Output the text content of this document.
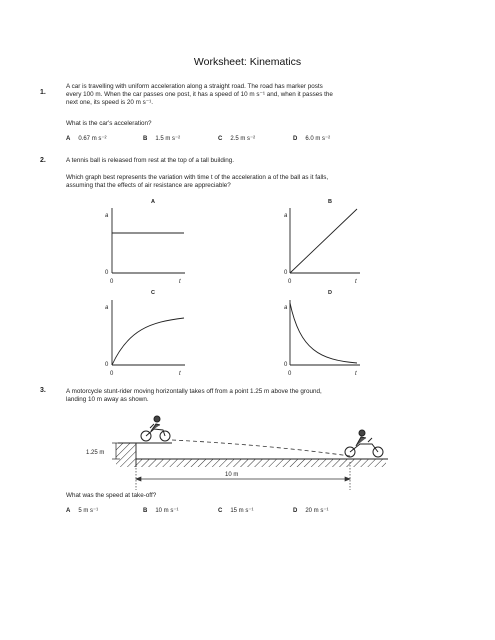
Worksheet: Kinematics
1.
A car is travelling with uniform acceleration along a straight road. The road has marker posts
every 100 m. When the car passes one post, it has a speed of 10 m s⁻¹ and, when it passes the
next one, its speed is 20 m s⁻¹.
What is the car's acceleration?
A 0.67 m s⁻²	B 1.5 m s⁻²	C 2.5 m s⁻²	D 6.0 m s⁻²
2.	A tennis ball is released from rest at the top of a tall building.
Which graph best represents the variation with time t of the acceleration a of the ball as it falls,
assuming that the effects of air resistance are appreciable?
A	B
C	D
a
0
0	t
a
0
0	t
a
0
0	t
a
0
0	t
3.	A motorcycle stunt-rider moving horizontally takes off from a point 1.25 m above the ground,
landing 10 m away as shown.
1.25 m
10 m
What was the speed at take-off?
A 5 m s⁻¹	B 10 m s⁻¹	C 15 m s⁻¹	D 20 m s⁻¹
